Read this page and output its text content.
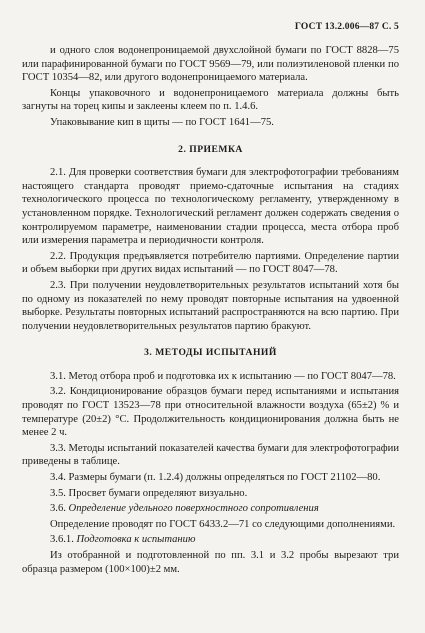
ГОСТ 13.2.006—87 С. 5

и одного слоя водонепроницаемой двухслойной бумаги по ГОСТ 8828—75 или парафинированной бумаги по ГОСТ 9569—79, или полиэтиленовой пленки по ГОСТ 10354—82, или другого водонепроницаемого материала.

Концы упаковочного и водонепроницаемого материала должны быть загнуты на торец кипы и заклеены клеем по п. 1.4.6.

Упаковывание кип в щиты — по ГОСТ 1641—75.

2. ПРИЕМКА

2.1. Для проверки соответствия бумаги для электрофотографии требованиям настоящего стандарта проводят приемо-сдаточные испытания на стадиях технологического процесса по технологическому регламенту, утвержденному в установленном порядке. Технологический регламент должен содержать сведения о контролируемом параметре, наименовании стадии процесса, места отбора проб или измерения параметра и периодичности контроля.

2.2. Продукция предъявляется потребителю партиями. Определение партии и объем выборки при других видах испытаний — по ГОСТ 8047—78.

2.3. При получении неудовлетворительных результатов испытаний хотя бы по одному из показателей по нему проводят повторные испытания на удвоенной выборке. Результаты повторных испытаний распространяются на всю партию. При получении неудовлетворительных результатов партию бракуют.

3. МЕТОДЫ ИСПЫТАНИЙ

3.1. Метод отбора проб и подготовка их к испытанию — по ГОСТ 8047—78.

3.2. Кондиционирование образцов бумаги перед испытаниями и испытания проводят по ГОСТ 13523—78 при относительной влажности воздуха (65±2) % и температуре (20±2) °С. Продолжительность кондиционирования должна быть не менее 2 ч.

3.3. Методы испытаний показателей качества бумаги для электрофотографии приведены в таблице.

3.4. Размеры бумаги (п. 1.2.4) должны определяться по ГОСТ 21102—80.

3.5. Просвет бумаги определяют визуально.

3.6. Определение удельного поверхностного сопротивления

Определение проводят по ГОСТ 6433.2—71 со следующими дополнениями.

3.6.1. Подготовка к испытанию

Из отобранной и подготовленной по пп. 3.1 и 3.2 пробы вырезают три образца размером (100×100)±2 мм.
